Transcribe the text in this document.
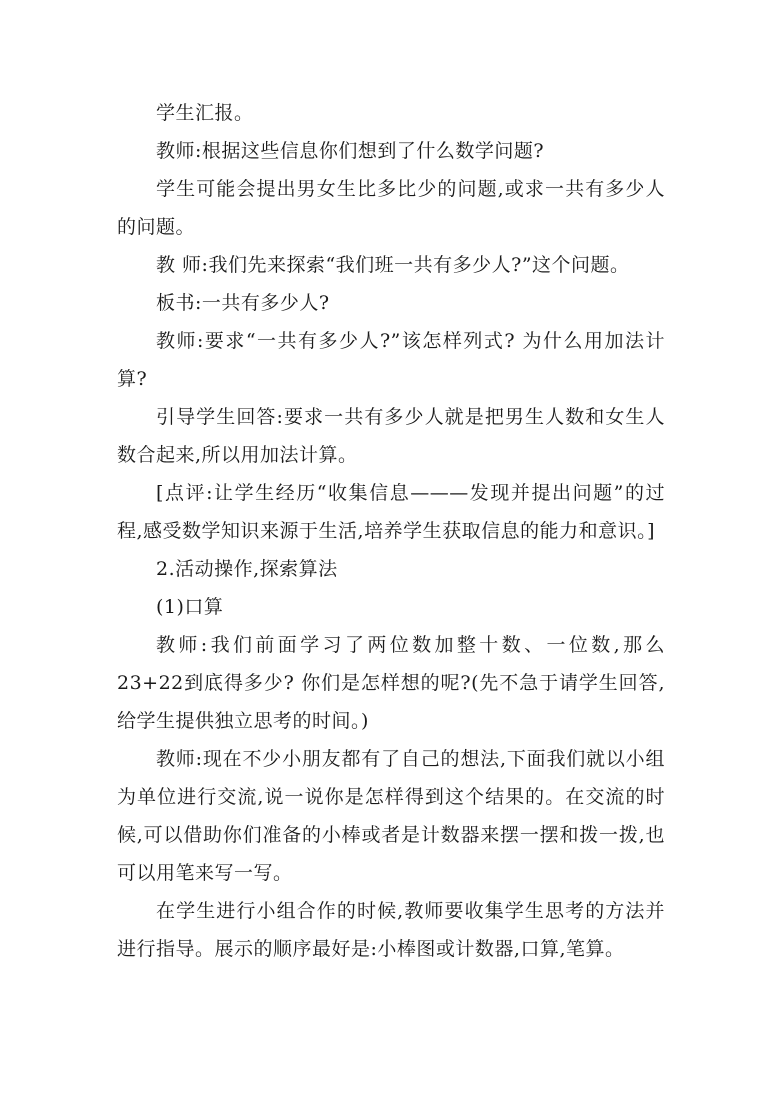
学生汇报。

教师:根据这些信息你们想到了什么数学问题?

学生可能会提出男女生比多比少的问题,或求一共有多少人的问题。

教 师:我们先来探索“我们班一共有多少人?”这个问题。

板书:一共有多少人?

教师:要求“一共有多少人?”该怎样列式? 为什么用加法计算?

引导学生回答:要求一共有多少人就是把男生人数和女生人数合起来,所以用加法计算。

[点评:让学生经历“收集信息———发现并提出问题”的过程,感受数学知识来源于生活,培养学生获取信息的能力和意识。]

2.活动操作,探索算法

(1)口算

教师:我们前面学习了两位数加整十数、一位数,那么23+22到底得多少? 你们是怎样想的呢?(先不急于请学生回答,给学生提供独立思考的时间。)

教师:现在不少小朋友都有了自己的想法,下面我们就以小组为单位进行交流,说一说你是怎样得到这个结果的。在交流的时候,可以借助你们准备的小棒或者是计数器来摆一摆和拨一拨,也可以用笔来写一写。

在学生进行小组合作的时候,教师要收集学生思考的方法并进行指导。展示的顺序最好是:小棒图或计数器,口算,笔算。
